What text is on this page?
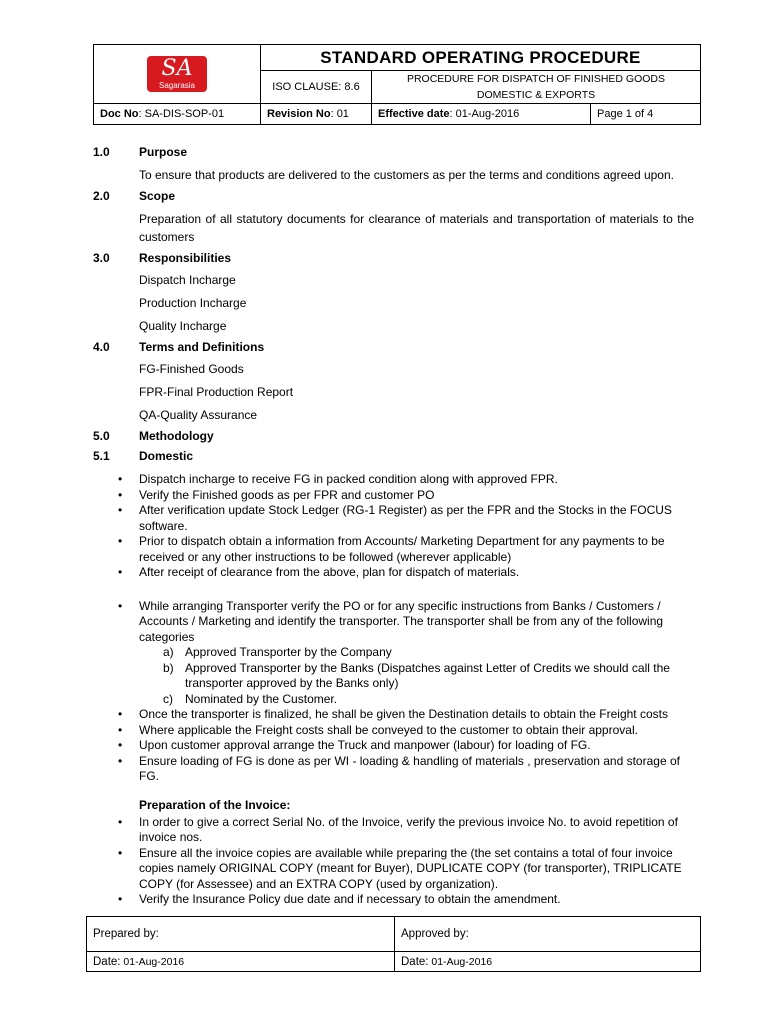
SA
Sagarasia	STANDARD OPERATING PROCEDURE		
	ISO CLAUSE: 8.6	PROCEDURE FOR DISPATCH OF FINISHED GOODS
DOMESTIC & EXPORTS	

Doc No: SA-DIS-SOP-01	Revision No: 01	Effective date: 01-Aug-2016	Page 1 of 4
1.0	Purpose
To ensure that products are delivered to the customers as per the terms and conditions agreed upon.
2.0	Scope
Preparation of all statutory documents for clearance of materials and transportation of materials to the customers
3.0	Responsibilities
Dispatch Incharge
Production Incharge
Quality Incharge
4.0	Terms and Definitions
FG-Finished Goods
FPR-Final Production Report
QA-Quality Assurance
5.0	Methodology
5.1	Domestic
• Dispatch incharge to receive FG in packed condition along with approved FPR.
• Verify the Finished goods as per FPR and customer PO
• After verification update Stock Ledger (RG-1 Register) as per the FPR and the Stocks in the FOCUS software.
• Prior to dispatch obtain a information from Accounts/ Marketing Department for any payments to be received or any other instructions to be followed (wherever applicable)
• After receipt of clearance from the above, plan for dispatch of materials.
• While arranging Transporter verify the PO or for any specific instructions from Banks / Customers / Accounts / Marketing and identify the transporter. The transporter shall be from any of the following categories
a) Approved Transporter by the Company
b) Approved Transporter by the Banks (Dispatches against Letter of Credits we should call the transporter approved by the Banks only)
c) Nominated by the Customer.
• Once the transporter is finalized, he shall be given the Destination details to obtain the Freight costs
• Where applicable the Freight costs shall be conveyed to the customer to obtain their approval.
• Upon customer approval arrange the Truck and manpower (labour) for loading of FG.
• Ensure loading of FG is done as per WI - loading & handling of materials , preservation and storage of FG.
Preparation of the Invoice:
• In order to give a correct Serial No. of the Invoice, verify the previous invoice No. to avoid repetition of invoice nos.
• Ensure all the invoice copies are available while preparing the (the set contains a total of four invoice copies namely ORIGINAL COPY (meant for Buyer), DUPLICATE COPY (for transporter), TRIPLICATE COPY (for Assessee) and an EXTRA COPY (used by organization).
• Verify the Insurance Policy due date and if necessary to obtain the amendment.
Prepared by:	Approved by:
Date: 01-Aug-2016	Date: 01-Aug-2016
